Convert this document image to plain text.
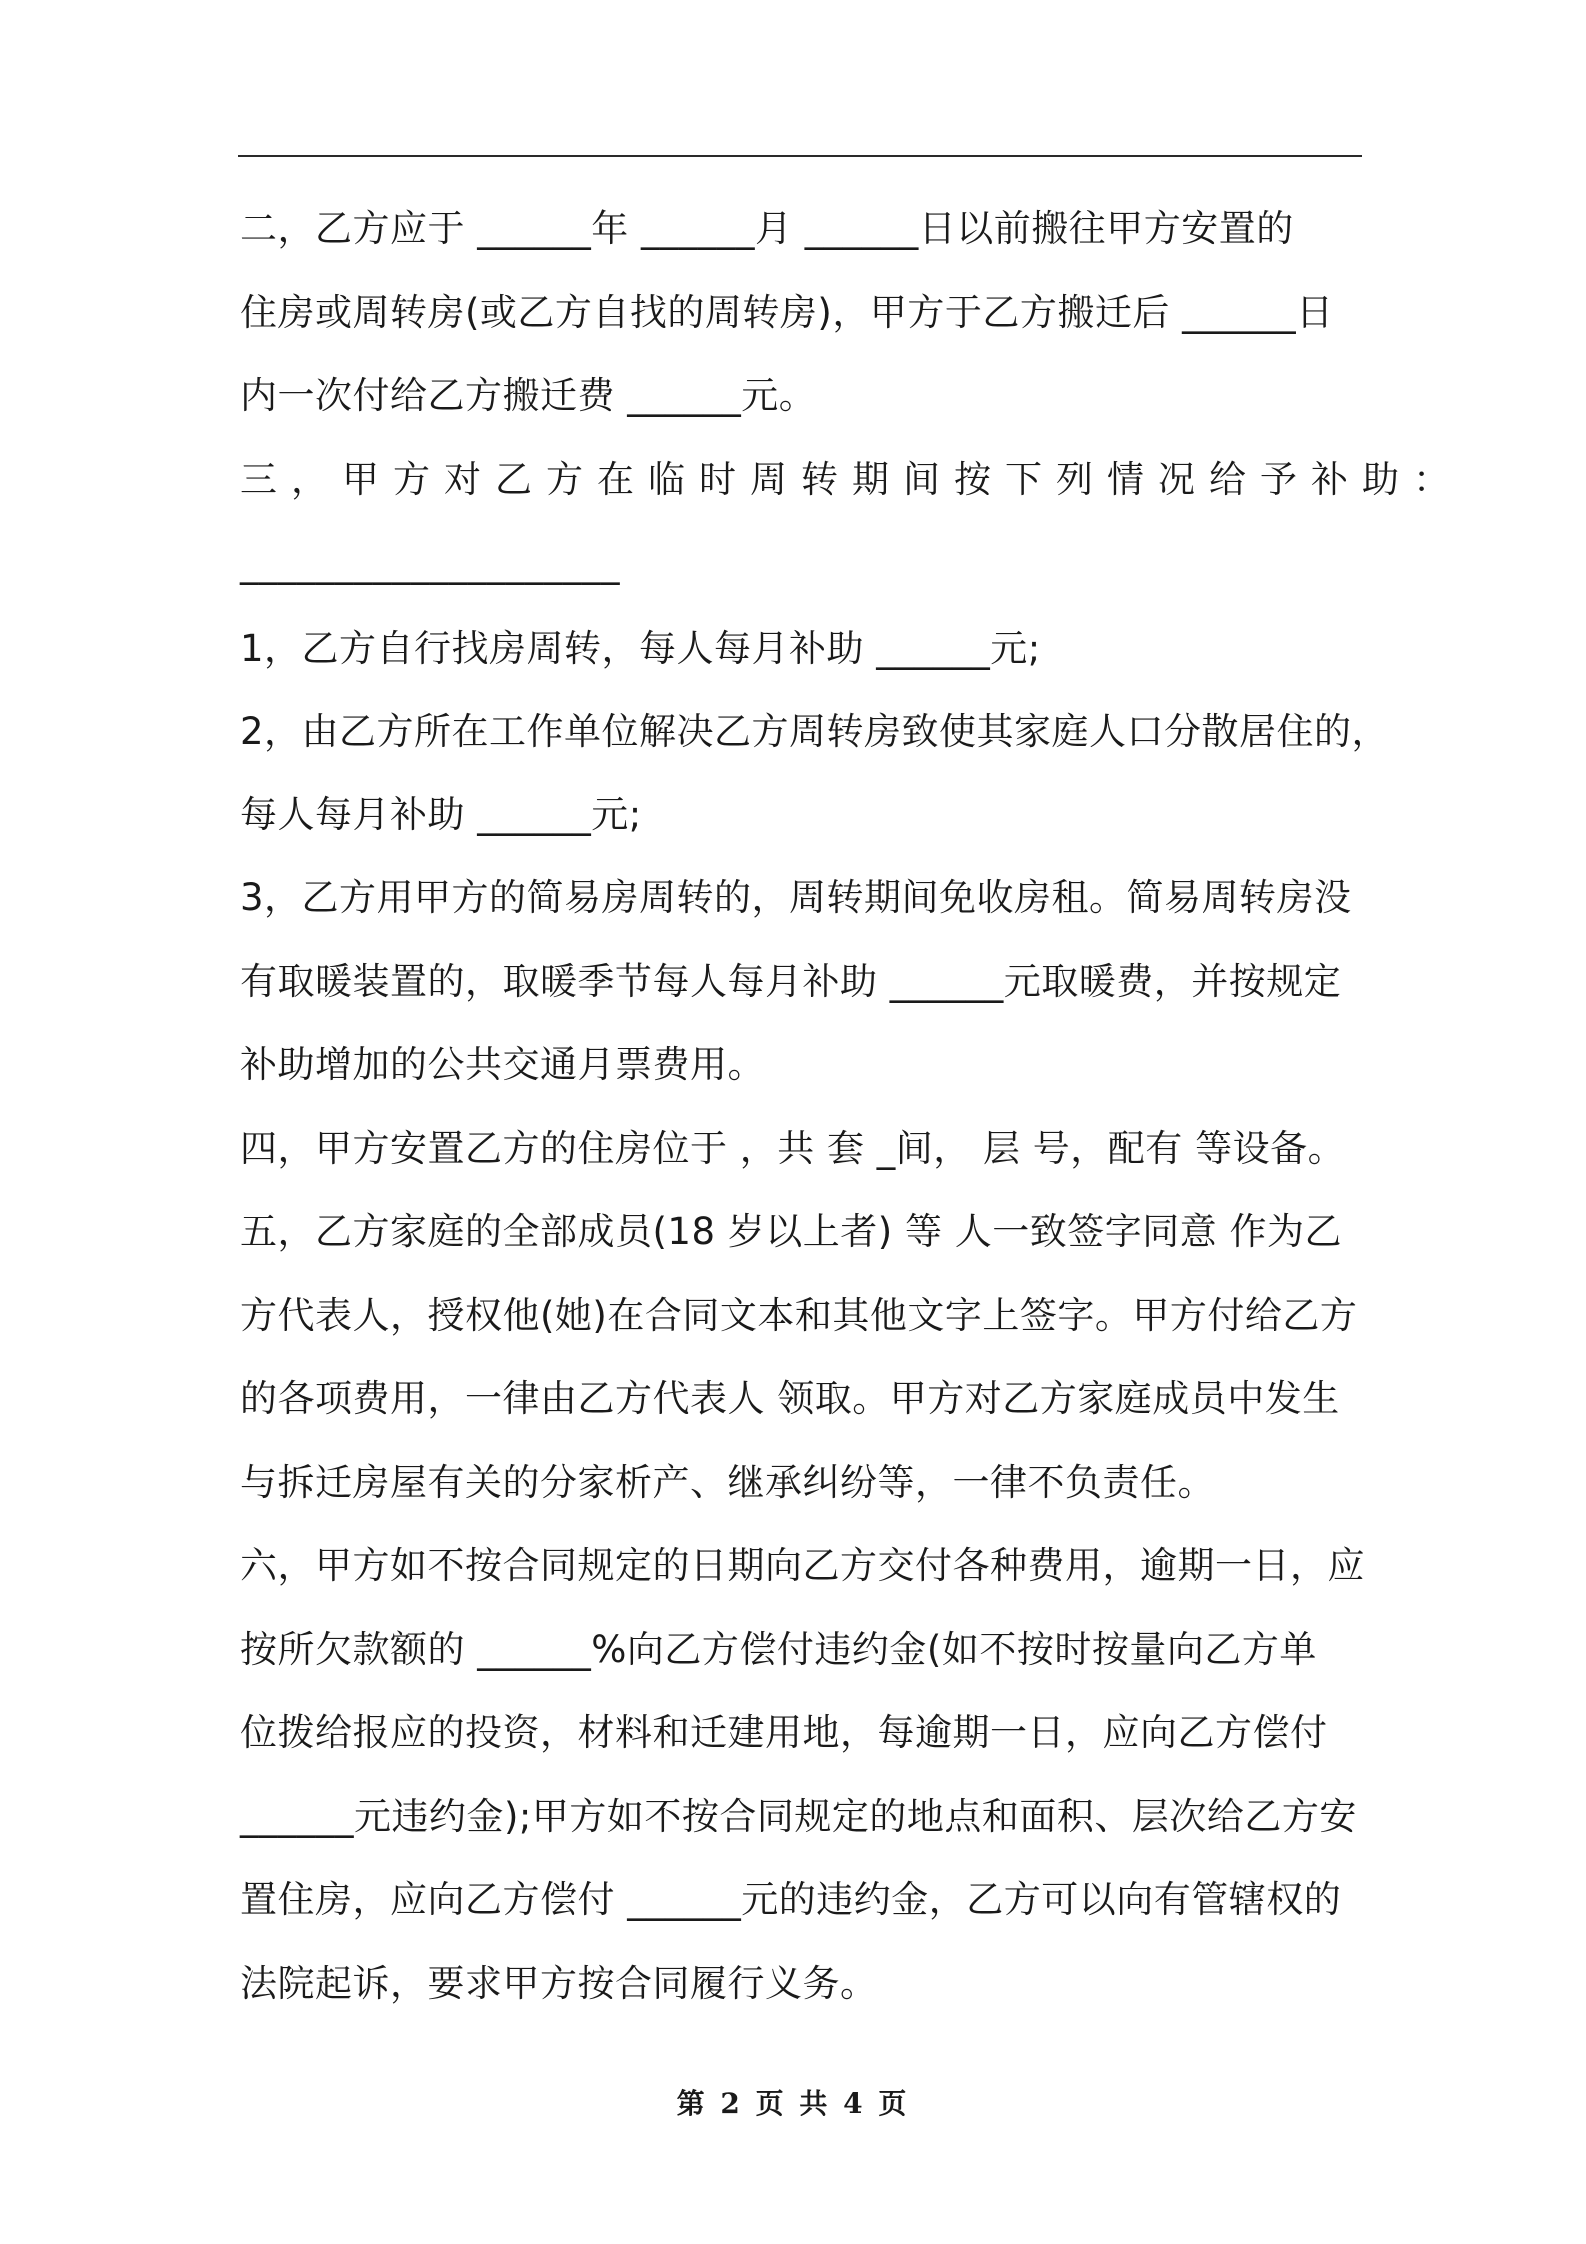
二，乙方应于 ______年 ______月 ______日以前搬往甲方安置的

住房或周转房(或乙方自找的周转房)，甲方于乙方搬迁后 ______日

内一次付给乙方搬迁费 ______元。

三，甲方对乙方在临时周转期间按下列情况给予补助：

____________________

1，乙方自行找房周转，每人每月补助 ______元;

2，由乙方所在工作单位解决乙方周转房致使其家庭人口分散居住的，

每人每月补助 ______元;

3，乙方用甲方的简易房周转的，周转期间免收房租。简易周转房没

有取暖装置的，取暖季节每人每月补助 ______元取暖费，并按规定

补助增加的公共交通月票费用。

四，甲方安置乙方的住房位于 ，共 套 _间， 层 号，配有 等设备。

五，乙方家庭的全部成员(18 岁以上者) 等 人一致签字同意 作为乙

方代表人，授权他(她)在合同文本和其他文字上签字。甲方付给乙方

的各项费用，一律由乙方代表人 领取。甲方对乙方家庭成员中发生

与拆迁房屋有关的分家析产、继承纠纷等，一律不负责任。

六，甲方如不按合同规定的日期向乙方交付各种费用，逾期一日，应

按所欠款额的 ______%向乙方偿付违约金(如不按时按量向乙方单

位拨给报应的投资，材料和迁建用地，每逾期一日，应向乙方偿付

______元违约金);甲方如不按合同规定的地点和面积、层次给乙方安

置住房，应向乙方偿付 ______元的违约金，乙方可以向有管辖权的

法院起诉，要求甲方按合同履行义务。

第 2 页 共 4 页
